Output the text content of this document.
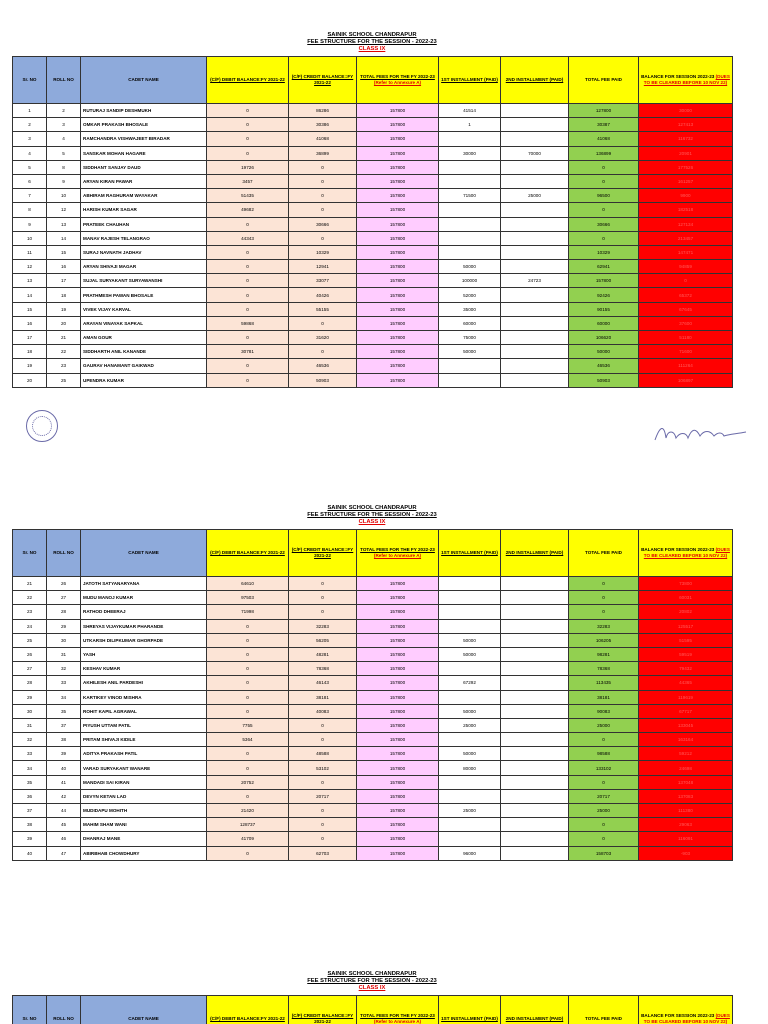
SAINIK SCHOOL CHANDRAPUR
FEE STRUCTURE FOR THE SESSION - 2022-23
CLASS IX
Sr. NO	ROLL NO	CADET NAME	(C/F) DEBIT BALANCE:FY 2021-22	(C/F) CREDIT BALANCE::FY 2021-22	TOTAL FEES FOR THE FY 2022-23 (Refer to Annexure A)	1ST INSTALLMENT (PAID)	2ND INSTALLMENT (PAID)	TOTAL FEE PAID	BALANCE FOR SESSION 2022-23 (DUES TO BE CLEARED BEFORE 10 NOV 22)
1	2	RUTURAJ SANDIP DESHMUKH	0	86286	157800	41514		127800	30000
2	3	OMKAR PRAKASH BHOSALE	0	30386	157800	1		30387	127413
3	4	RAMCHANDRA VISHWAJEET BIRADAR	0	41068	157800			41068	116732
4	5	SANSKAR MOHAN HAGARE	0	36899	157800	30000	70000	136899	20901
5	8	SIDDHANT SANJAY DAUD	19726	0	157800			0	177526
6	9	ARYAN KIRAN PAWAR	3457	0	157800			0	161257
7	10	ABHIRAM RAGHURAM WAYAKAR	51435	0	157800	71500	25000	96500	9900
8	12	HARISH KUMAR SAGAR	49682	0	157800			0	182518
9	13	PRATEEK CHAUHAN	0	30666	157800			30666	127134
10	14	MANAV RAJESH TELANGRAO	44343	0	157800			0	213457
11	15	SURAJ NAVNATH JADHAV	0	10329	157800			10329	147471
12	16	ARYAN SHIVAJI MAGAR	0	12941	157800	50000		62941	94859
13	17	SUJAL SURYAKANT SURYAWANSHI	0	33077	157800	100000	24723	157800	0
14	18	PRATHMESH PAWAN BHOSALE	0	40426	157800	52000		92426	65372
15	19	VIVEK VIJAY KARVAL	0	55155	157800	35000		90155	67645
16	20	ARAYAN VINAYAK SAPKAL	59868	0	157800	60000		60000	37600
17	21	AMAN GOUR	0	31620	157800	75000		106620	51180
18	22	SIDDHARTH ANIL KANANDE	30781	0	157800	50000		50000	71600
19	23	GAURAV HANAMANT GAIKWAD	0	46536	157800			46536	111264
20	25	UPENDRA KUMAR	0	50903	157800			50903	106897
SAINIK SCHOOL CHANDRAPUR
FEE STRUCTURE FOR THE SESSION - 2022-23
CLASS IX
Sr. NO	ROLL NO	CADET NAME	(C/F) DEBIT BALANCE:FY 2021-22	(C/F) CREDIT BALANCE::FY 2021-22	TOTAL FEES FOR THE FY 2022-23 (Refer to Annexure A)	1ST INSTALLMENT (PAID)	2ND INSTALLMENT (PAID)	TOTAL FEE PAID	BALANCE FOR SESSION 2022-23 (DUES TO BE CLEARED BEFORE 10 NOV 22)
21	26	JATOTH SATYANARYANA	64610	0	157800			0	73800
22	27	MUDU MANOJ KUMAR	97503	0	157800			0	60031
23	28	RATHOD DHEERAJ	71998	0	157800			0	20802
24	29	SHREYAS VIJAYKUMAR PHARANDE	0	32283	157800			32283	125517
25	30	UTKARSH DILIPKUMAR GHORPADE	0	56205	157800	50000		106205	51595
26	31	YASH	0	48281	157800	50000		98281	59519
27	32	KESHAV KUMAR	0	78368	157800			78368	79432
28	33	AKHILESH ANIL PARDESHI	0	46143	157800	67292		113435	44365
29	34	KARTIKEY VINOD MISHRA	0	38181	157800			38181	119619
30	35	ROHIT KAPIL AGRAWAL	0	40083	157800	50000		90083	67717
31	37	PIYUSH UTTAM PATIL	7755	0	157800	25000		25000	133045
32	38	PRITAM SHIVAJI KIDILE	5364	0	157800			0	163164
33	39	ADITYA PRAKASH PATIL	0	48588	157800	50000		98588	59212
34	40	VARAD SURYAKANT WANARE	0	53102	157800	80000		133102	24698
35	41	MANDADI SAI KIRAN	20752	0	157800			0	137048
36	42	DEVYN KETAN LAD	0	20717	157800			20717	137083
37	44	MUDIDAPU MOHITH	21420	0	157800	25000		25000	111380
38	45	MAHIM SHAM WANI	128737	0	157800			0	29063
39	46	DHANRAJ MANE	41709	0	157800			0	116091
40	47	ABIRBHAB CHOWDHURY	0	62703	157800	96000		158703	-903
SAINIK SCHOOL CHANDRAPUR
FEE STRUCTURE FOR THE SESSION - 2022-23
CLASS IX
Sr. NO	ROLL NO	CADET NAME	(C/F) DEBIT BALANCE:FY 2021-22	(C/F) CREDIT BALANCE::FY 2021-22	TOTAL FEES FOR THE FY 2022-23 (Refer to Annexure A)	1ST INSTALLMENT (PAID)	2ND INSTALLMENT (PAID)	TOTAL FEE PAID	BALANCE FOR SESSION 2022-23 (DUES TO BE CLEARED BEFORE 10 NOV 22)
